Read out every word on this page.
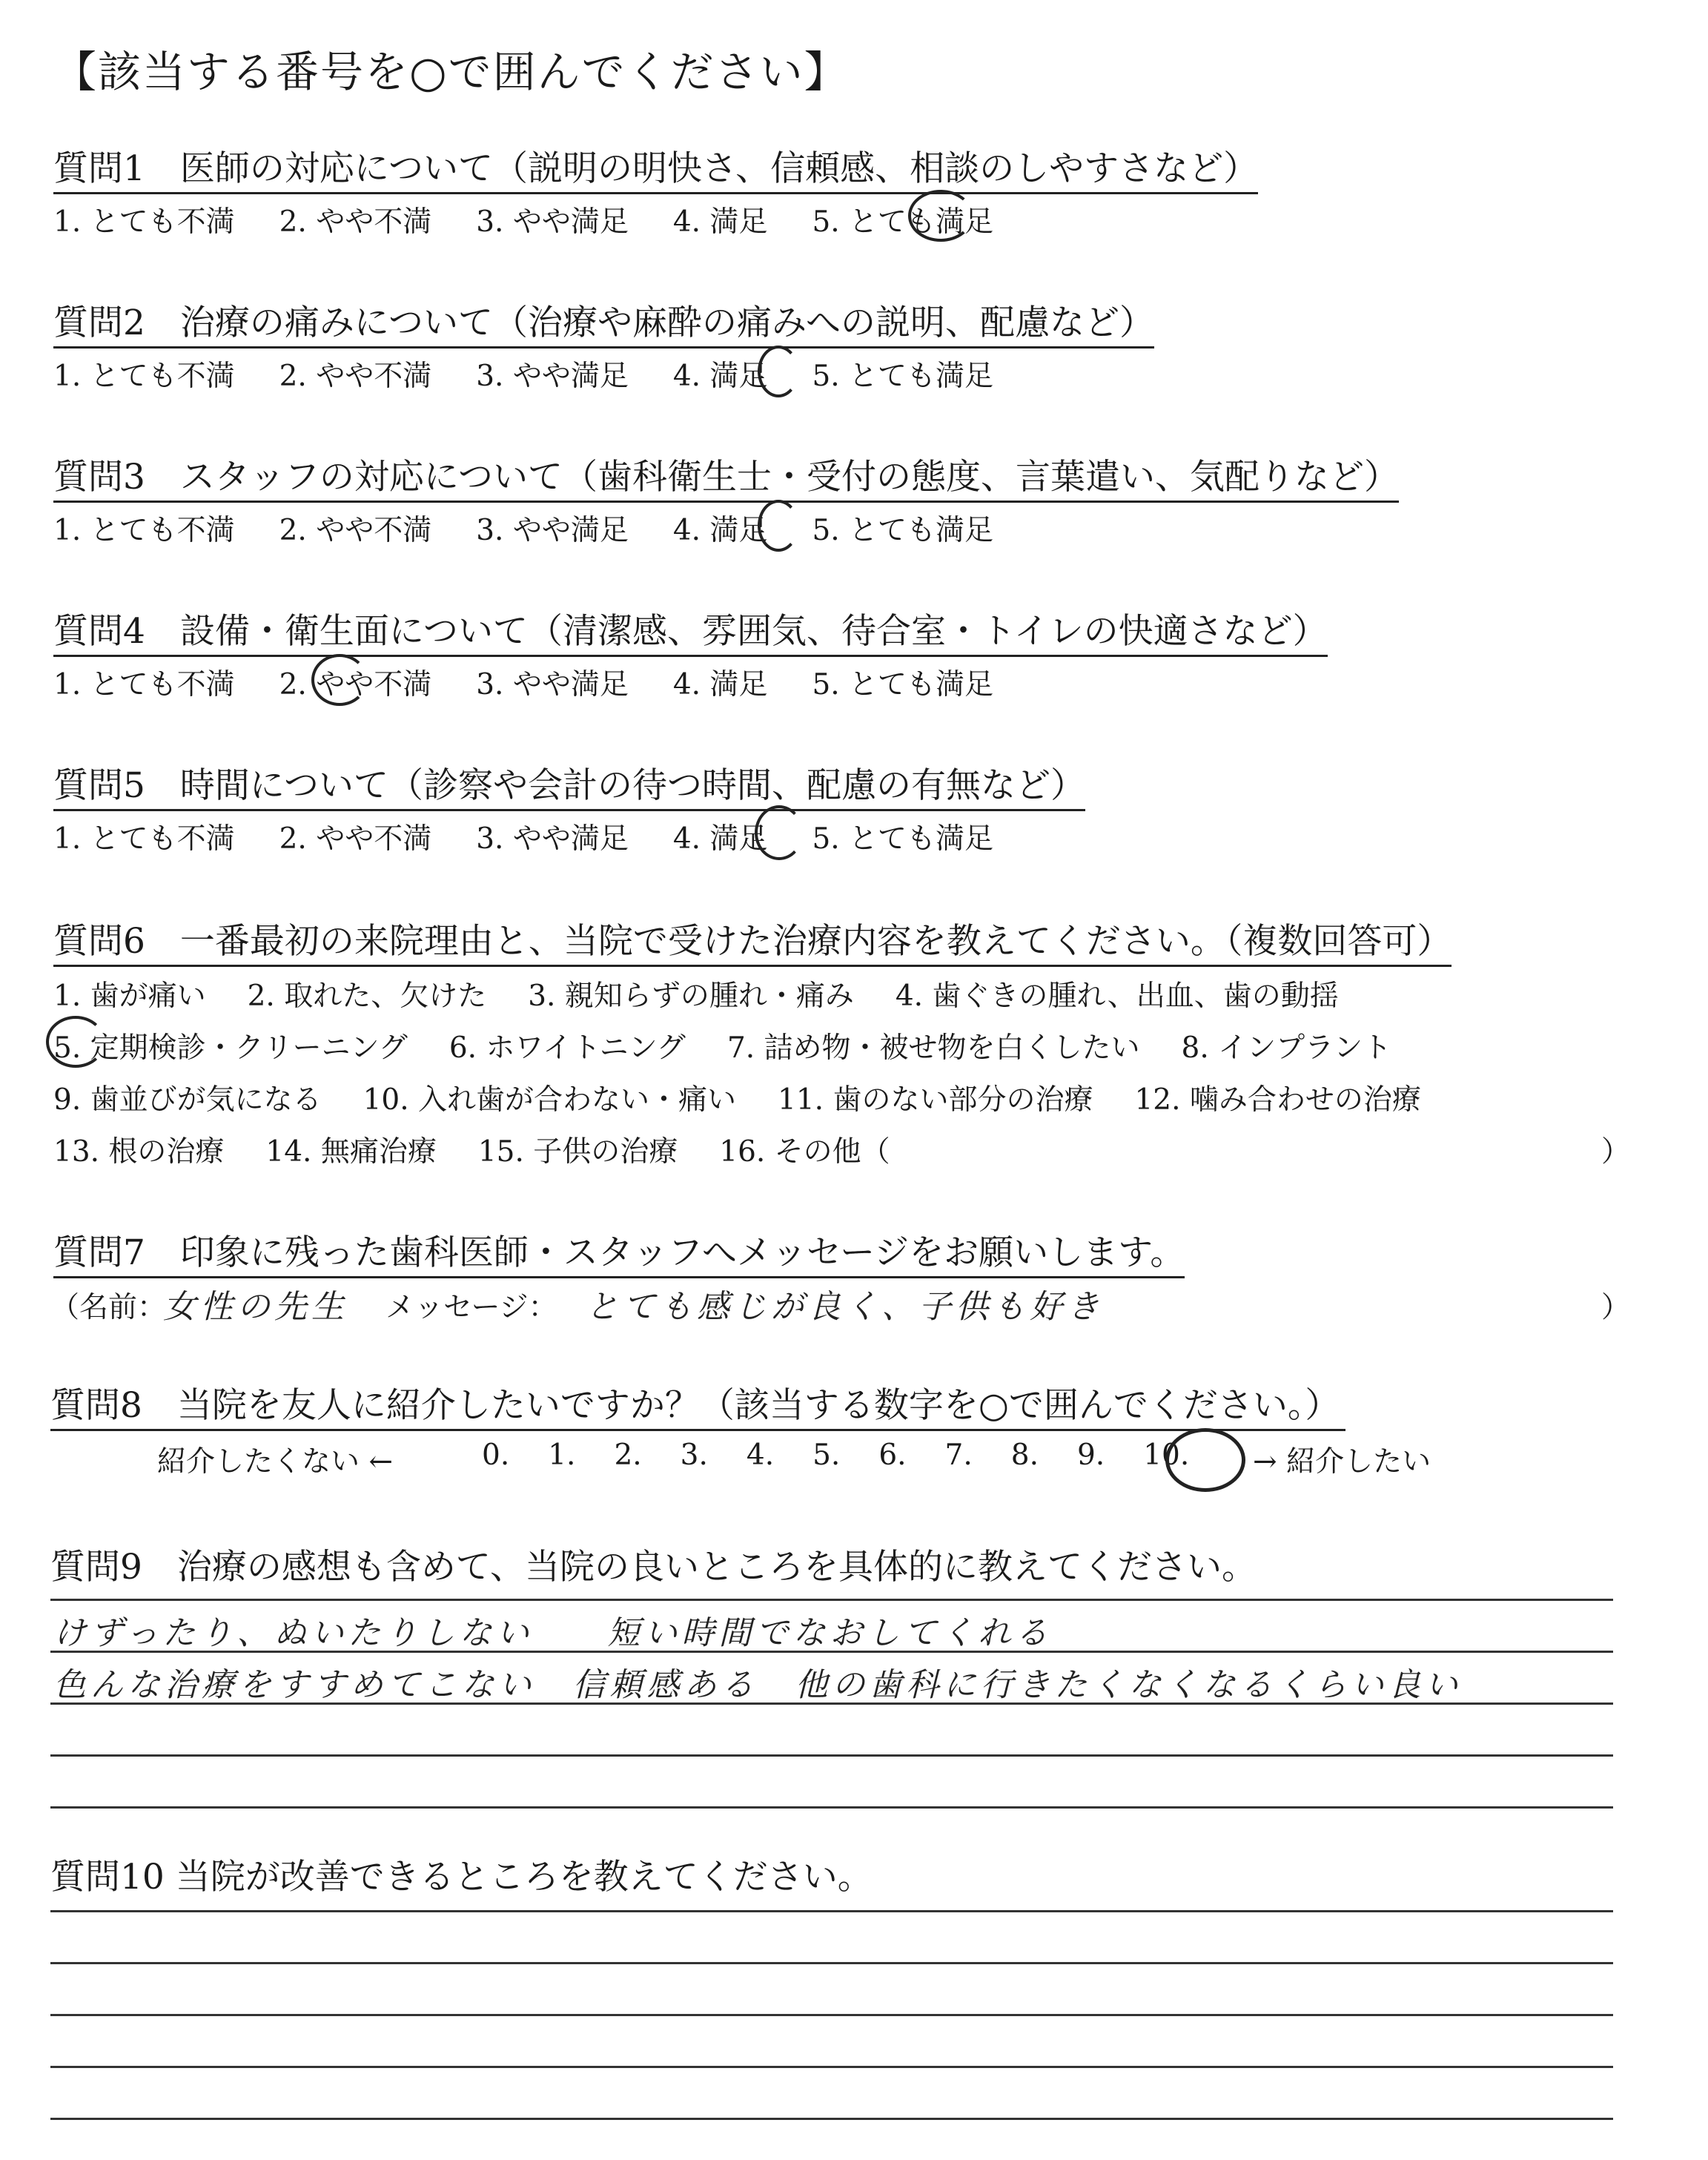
【該当する番号を○で囲んでください】
質問1　医師の対応について（説明の明快さ、信頼感、相談のしやすさなど）
1. とても不満 2. やや不満 3. やや満足 4. 満足 5. とても満足
質問2　治療の痛みについて（治療や麻酔の痛みへの説明、配慮など）
1. とても不満 2. やや不満 3. やや満足 4. 満足 5. とても満足
質問3　スタッフの対応について（歯科衛生士・受付の態度、言葉遣い、気配りなど）
1. とても不満 2. やや不満 3. やや満足 4. 満足 5. とても満足
質問4　設備・衛生面について（清潔感、雰囲気、待合室・トイレの快適さなど）
1. とても不満 2. やや不満 3. やや満足 4. 満足 5. とても満足
質問5　時間について（診察や会計の待つ時間、配慮の有無など）
1. とても不満 2. やや不満 3. やや満足 4. 満足 5. とても満足
質問6　一番最初の来院理由と、当院で受けた治療内容を教えてください。（複数回答可）
1. 歯が痛い 2. 取れた、欠けた 3. 親知らずの腫れ・痛み 4. 歯ぐきの腫れ、出血、歯の動揺
5. 定期検診・クリーニング 6. ホワイトニング 7. 詰め物・被せ物を白くしたい 8. インプラント
9. 歯並びが気になる 10. 入れ歯が合わない・痛い 11. 歯のない部分の治療 12. 噛み合わせの治療
13. 根の治療 14. 無痛治療 15. 子供の治療 16. その他（	）
質問7　印象に残った歯科医師・スタッフへメッセージをお願いします。
（名前：
女性の先生 メッセージ： とても感じが良く、子供も好き	）
質問8　当院を友人に紹介したいですか？（該当する数字を○で囲んでください。）
紹介したくない ←	0. 1. 2. 3. 4. 5. 6. 7. 8. 9. 10. → 紹介したい
質問9　治療の感想も含めて、当院の良いところを具体的に教えてください。
けずったり、ぬいたりしない　　短い時間でなおしてくれる
色んな治療をすすめてこない　信頼感ある　他の歯科に行きたくなくなるくらい良い
質問10 当院が改善できるところを教えてください。
